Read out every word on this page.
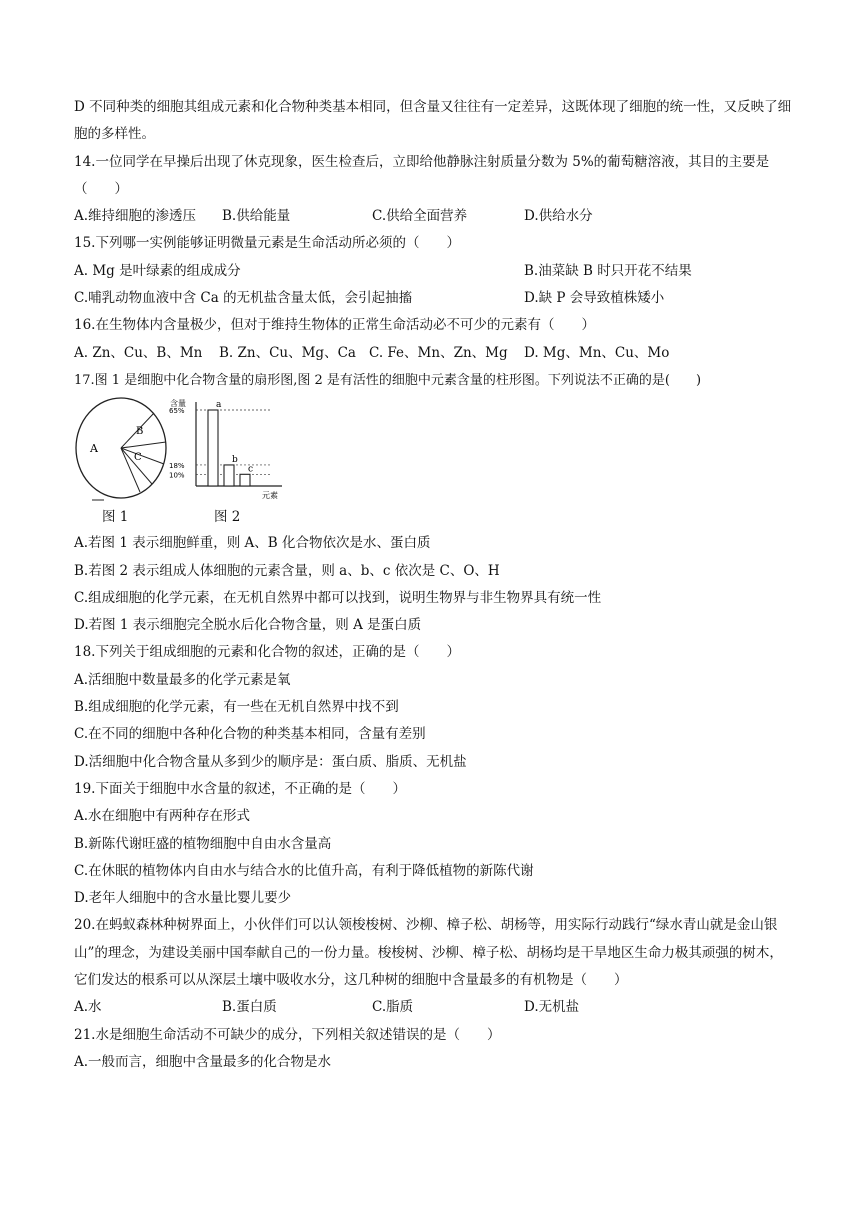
D 不同种类的细胞其组成元素和化合物种类基本相同，但含量又往往有一定差异，这既体现了细胞的统一性，又反映了细胞的多样性。
14.一位同学在早操后出现了休克现象，医生检查后，立即给他静脉注射质量分数为 5%的葡萄糖溶液，其目的主要是（　　）
A.维持细胞的渗透压	B.供给能量	C.供给全面营养	D.供给水分
15.下列哪一实例能够证明微量元素是生命活动所必须的（　　）
A. Mg 是叶绿素的组成成分	B.油菜缺 B 时只开花不结果
C.哺乳动物血液中含 Ca 的无机盐含量太低，会引起抽搐	D.缺 P 会导致植株矮小
16.在生物体内含量极少，但对于维持生物体的正常生命活动必不可少的元素有（　　）
A. Zn、Cu、B、Mn	B. Zn、Cu、Mg、Ca C. Fe、Mn、Zn、Mg	D. Mg、Mn、Cu、Mo
17.图 1 是细胞中化合物含量的扇形图,图 2 是有活性的细胞中元素含量的柱形图。下列说法不正确的是(　　)
A
B
C
含量
元素
65%
18%
10%
a
b
c
图 1	图 2
A.若图 1 表示细胞鲜重，则 A、B 化合物依次是水、蛋白质
B.若图 2 表示组成人体细胞的元素含量，则 a、b、c 依次是 C、O、H
C.组成细胞的化学元素，在无机自然界中都可以找到，说明生物界与非生物界具有统一性
D.若图 1 表示细胞完全脱水后化合物含量，则 A 是蛋白质
18.下列关于组成细胞的元素和化合物的叙述，正确的是（　　）
A.活细胞中数量最多的化学元素是氧
B.组成细胞的化学元素，有一些在无机自然界中找不到
C.在不同的细胞中各种化合物的种类基本相同，含量有差别
D.活细胞中化合物含量从多到少的顺序是：蛋白质、脂质、无机盐
19.下面关于细胞中水含量的叙述，不正确的是（　　）
A.水在细胞中有两种存在形式
B.新陈代谢旺盛的植物细胞中自由水含量高
C.在休眠的植物体内自由水与结合水的比值升高，有利于降低植物的新陈代谢
D.老年人细胞中的含水量比婴儿要少
20.在蚂蚁森林种树界面上，小伙伴们可以认领梭梭树、沙柳、樟子松、胡杨等，用实际行动践行“绿水青山就是金山银山”的理念，为建设美丽中国奉献自己的一份力量。梭梭树、沙柳、樟子松、胡杨均是干旱地区生命力极其顽强的树木，它们发达的根系可以从深层土壤中吸收水分，这几种树的细胞中含量最多的有机物是（　　）
A.水	B.蛋白质	C.脂质	D.无机盐
21.水是细胞生命活动不可缺少的成分，下列相关叙述错误的是（　　）
A.一般而言，细胞中含量最多的化合物是水
